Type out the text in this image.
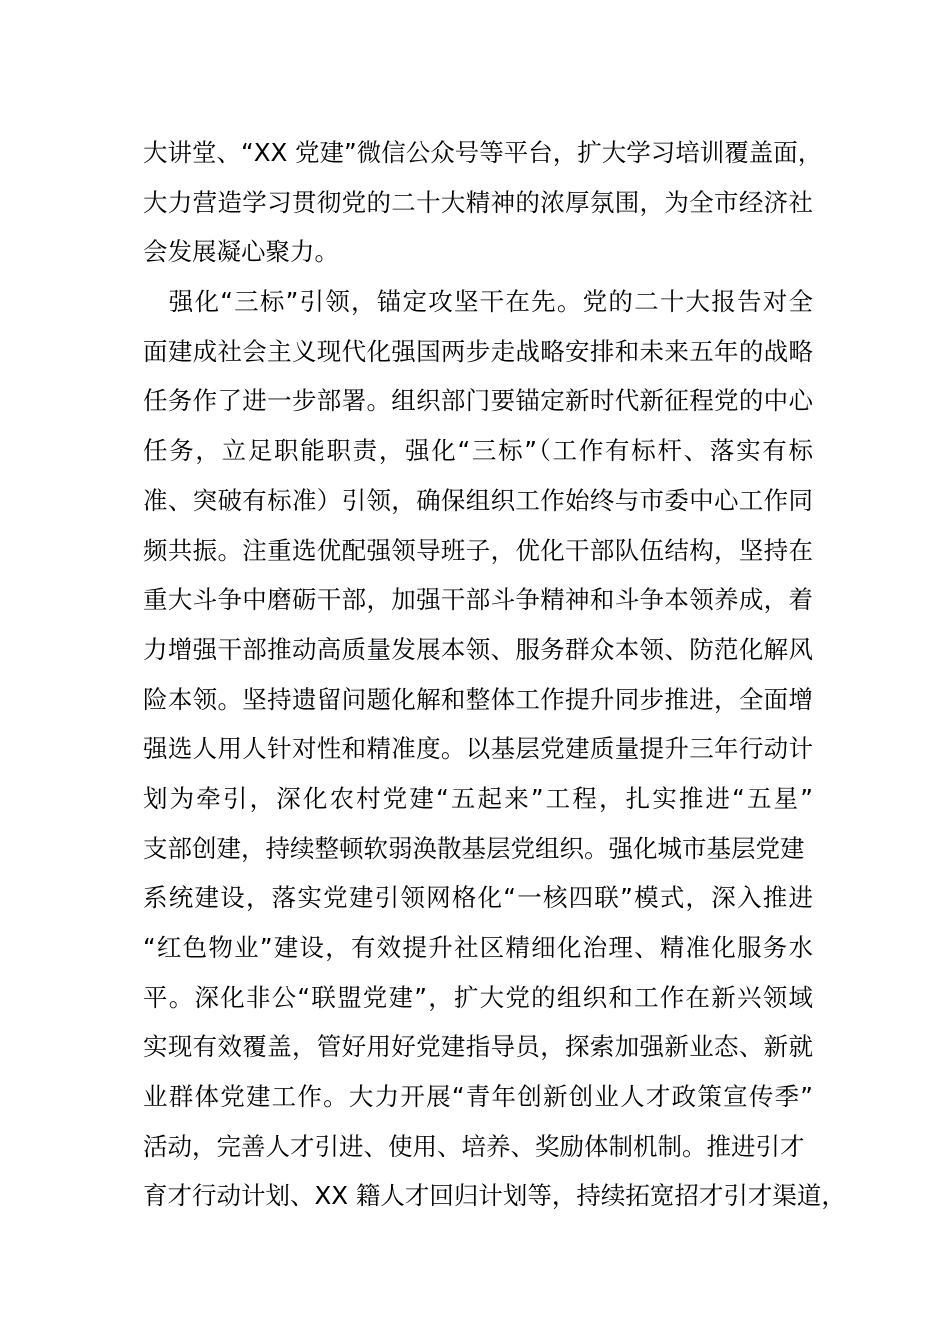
大讲堂、“XX 党建”微信公众号等平台，扩大学习培训覆盖面，
大力营造学习贯彻党的二十大精神的浓厚氛围，为全市经济社
会发展凝心聚力。
　强化“三标”引领，锚定攻坚干在先。党的二十大报告对全
面建成社会主义现代化强国两步走战略安排和未来五年的战略
任务作了进一步部署。组织部门要锚定新时代新征程党的中心
任务，立足职能职责，强化“三标”（工作有标杆、落实有标
准、突破有标准）引领，确保组织工作始终与市委中心工作同
频共振。注重选优配强领导班子，优化干部队伍结构，坚持在
重大斗争中磨砺干部，加强干部斗争精神和斗争本领养成，着
力增强干部推动高质量发展本领、服务群众本领、防范化解风
险本领。坚持遗留问题化解和整体工作提升同步推进，全面增
强选人用人针对性和精准度。以基层党建质量提升三年行动计
划为牵引，深化农村党建“五起来”工程，扎实推进“五星”
支部创建，持续整顿软弱涣散基层党组织。强化城市基层党建
系统建设，落实党建引领网格化“一核四联”模式，深入推进
“红色物业”建设，有效提升社区精细化治理、精准化服务水
平。深化非公“联盟党建”，扩大党的组织和工作在新兴领域
实现有效覆盖，管好用好党建指导员，探索加强新业态、新就
业群体党建工作。大力开展“青年创新创业人才政策宣传季”
活动，完善人才引进、使用、培养、奖励体制机制。推进引才
育才行动计划、XX 籍人才回归计划等，持续拓宽招才引才渠道，
